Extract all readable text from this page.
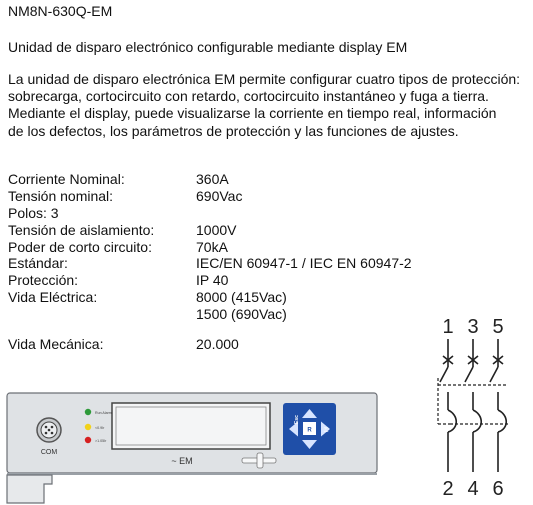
NM8N-630Q-EM
Unidad de disparo electrónico configurable mediante display EM
La unidad de disparo electrónica EM permite configurar cuatro tipos de protección:
sobrecarga, cortocircuito con retardo, cortocircuito instantáneo y fuga a tierra.
Mediante el display, puede visualizarse la corriente en tiempo real, información
de los defectos, los parámetros de protección y las funciones de ajustes.
Corriente Nominal:	360A
Tensión nominal:	690Vac
Polos: 3
Tensión de aislamiento:	1000V
Poder de corto circuito:	70kA
Estándar:	IEC/EN 60947-1 / IEC EN 60947-2
Protección:	IP 40
Vida Eléctrica:	8000 (415Vac)
1500 (690Vac)
Vida Mecánica:	20.000
COM
Run Alarm
<0.9Ir
>1.05Ir
~ EM
Esc
R ⚿
1 3 5
2 4 6
